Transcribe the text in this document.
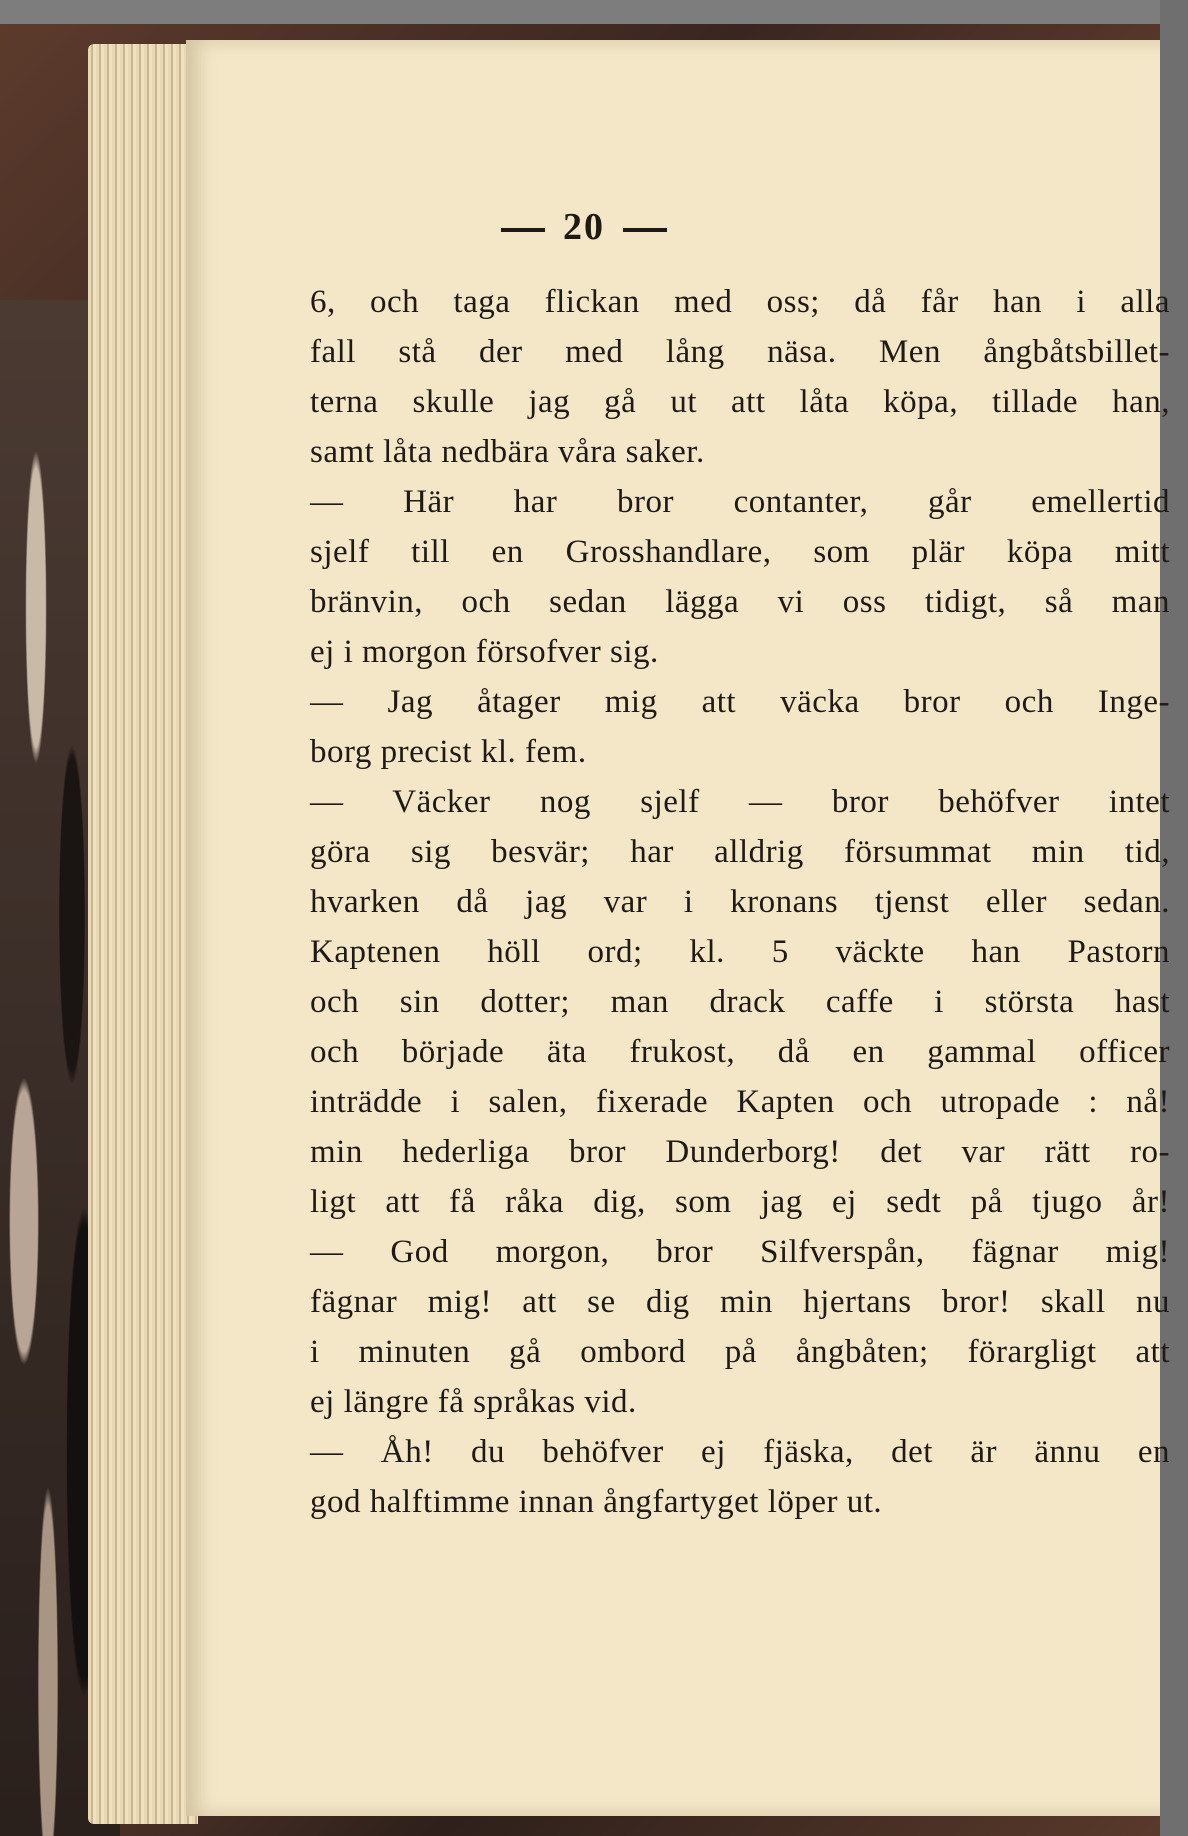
20
6, och taga flickan med oss; då får han i alla
fall stå der med lång näsa. Men ångbåtsbillet-
terna skulle jag gå ut att låta köpa, tillade han,
samt låta nedbära våra saker.
— Här har bror contanter, går emellertid
sjelf till en Grosshandlare, som plär köpa mitt
bränvin, och sedan lägga vi oss tidigt, så man
ej i morgon försofver sig.
— Jag åtager mig att väcka bror och Inge-
borg precist kl. fem.
— Väcker nog sjelf — bror behöfver intet
göra sig besvär; har alldrig försummat min tid,
hvarken då jag var i kronans tjenst eller sedan.
Kaptenen höll ord; kl. 5 väckte han Pastorn
och sin dotter; man drack caffe i största hast
och började äta frukost, då en gammal officer
inträdde i salen, fixerade Kapten och utropade : nå!
min hederliga bror Dunderborg! det var rätt ro-
ligt att få råka dig, som jag ej sedt på tjugo år!
— God morgon, bror Silfverspån, fägnar mig!
fägnar mig! att se dig min hjertans bror! skall nu
i minuten gå ombord på ångbåten; förargligt att
ej längre få språkas vid.
— Åh! du behöfver ej fjäska, det är ännu en
god halftimme innan ångfartyget löper ut.
